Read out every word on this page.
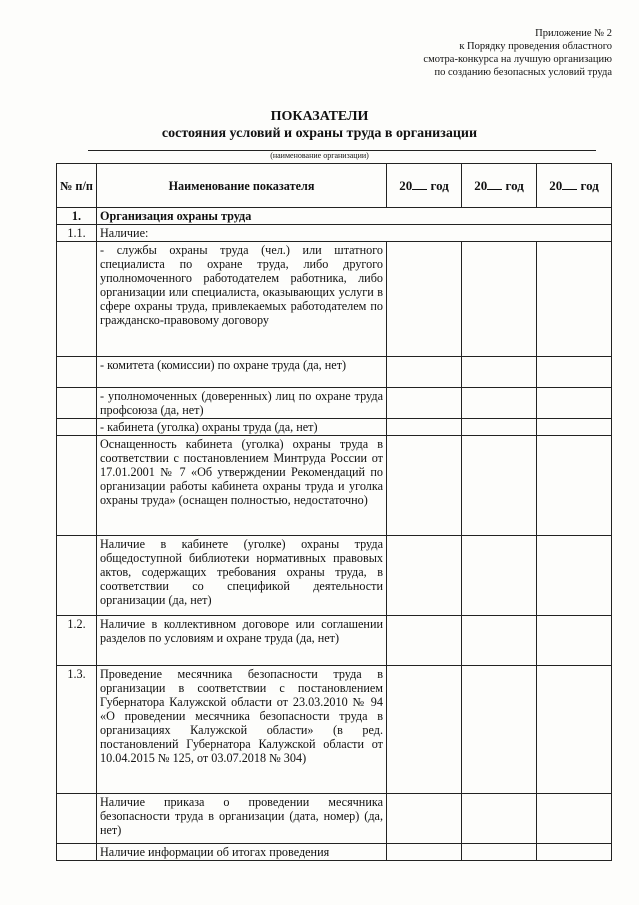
Приложение № 2
к Порядку проведения областного
смотра-конкурса на лучшую организацию
по созданию безопасных условий труда
ПОКАЗАТЕЛИ
состояния условий и охраны труда в организации
(наименование организации)
№ п/п	Наименование показателя	20 год	20 год	20 год
1.	Организация охраны труда			
1.1.	Наличие:			
	- службы охраны труда (чел.) или штатного специалиста по охране труда, либо другого уполномоченного работодателем работника, либо организации или специалиста, оказывающих услуги в сфере охраны труда, привлекаемых работодателем по гражданско-правовому договору			
	- комитета (комиссии) по охране труда (да, нет)			
	- уполномоченных (доверенных) лиц по охране труда профсоюза (да, нет)			
	- кабинета (уголка) охраны труда (да, нет)			
	Оснащенность кабинета (уголка) охраны труда в соответствии с постановлением Минтруда России от 17.01.2001 № 7 «Об утверждении Рекомендаций по организации работы кабинета охраны труда и уголка охраны труда» (оснащен полностью, недостаточно)			
	Наличие в кабинете (уголке) охраны труда общедоступной библиотеки нормативных правовых актов, содержащих требования охраны труда, в соответствии со спецификой деятельности организации (да, нет)			
1.2.	Наличие в коллективном договоре или соглашении разделов по условиям и охране труда (да, нет)			
1.3.	Проведение месячника безопасности труда в организации в соответствии с постановлением Губернатора Калужской области от 23.03.2010 № 94 «О проведении месячника безопасности труда в организациях Калужской области» (в ред. постановлений Губернатора Калужской области от 10.04.2015 № 125, от 03.07.2018 № 304)			
	Наличие приказа о проведении месячника безопасности труда в организации (дата, номер) (да, нет)			
	Наличие информации об итогах проведения			
